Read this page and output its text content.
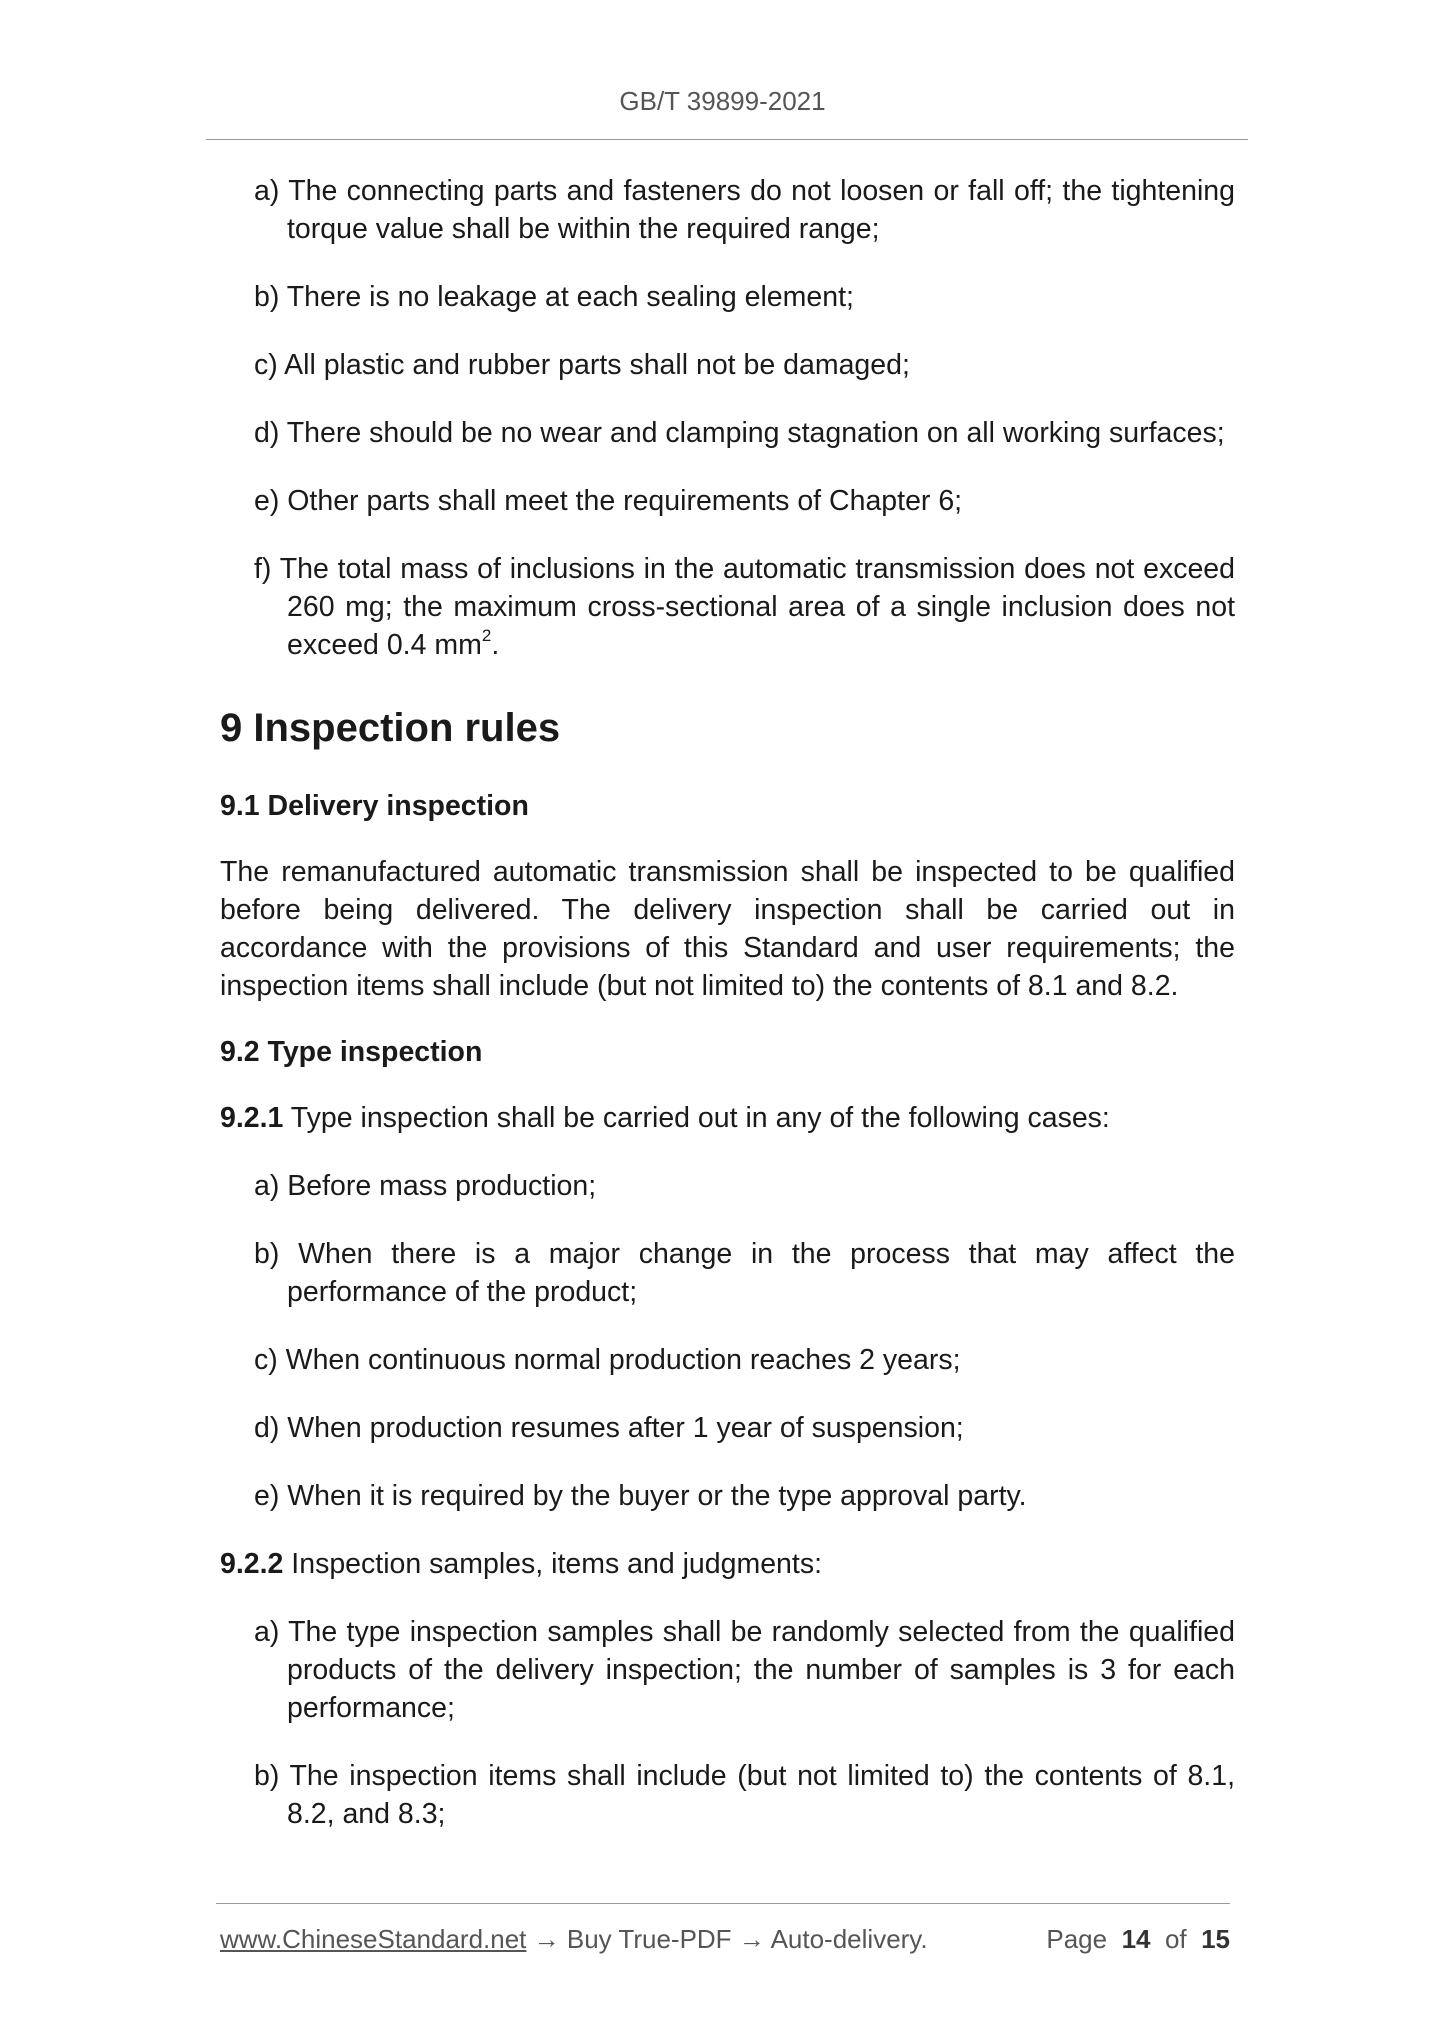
GB/T 39899-2021

a) The connecting parts and fasteners do not loosen or fall off; the tightening torque value shall be within the required range;

b) There is no leakage at each sealing element;

c) All plastic and rubber parts shall not be damaged;

d) There should be no wear and clamping stagnation on all working surfaces;

e) Other parts shall meet the requirements of Chapter 6;

f) The total mass of inclusions in the automatic transmission does not exceed 260 mg; the maximum cross-sectional area of a single inclusion does not exceed 0.4 $mm^2$.

9 Inspection rules
9.1 Delivery inspection

The remanufactured automatic transmission shall be inspected to be qualified before being delivered. The delivery inspection shall be carried out in accordance with the provisions of this Standard and user requirements; the inspection items shall include (but not limited to) the contents of 8.1 and 8.2.

9.2 Type inspection

9.2.1 Type inspection shall be carried out in any of the following cases:

a) Before mass production;

b) When there is a major change in the process that may affect the performance of the product;

c) When continuous normal production reaches 2 years;

d) When production resumes after 1 year of suspension;

e) When it is required by the buyer or the type approval party.

9.2.2 Inspection samples, items and judgments:

a) The type inspection samples shall be randomly selected from the qualified products of the delivery inspection; the number of samples is 3 for each performance;

b) The inspection items shall include (but not limited to) the contents of 8.1, 8.2, and 8.3;

www.ChineseStandard.net → Buy True-PDF → Auto-delivery.	Page 14 of 15
